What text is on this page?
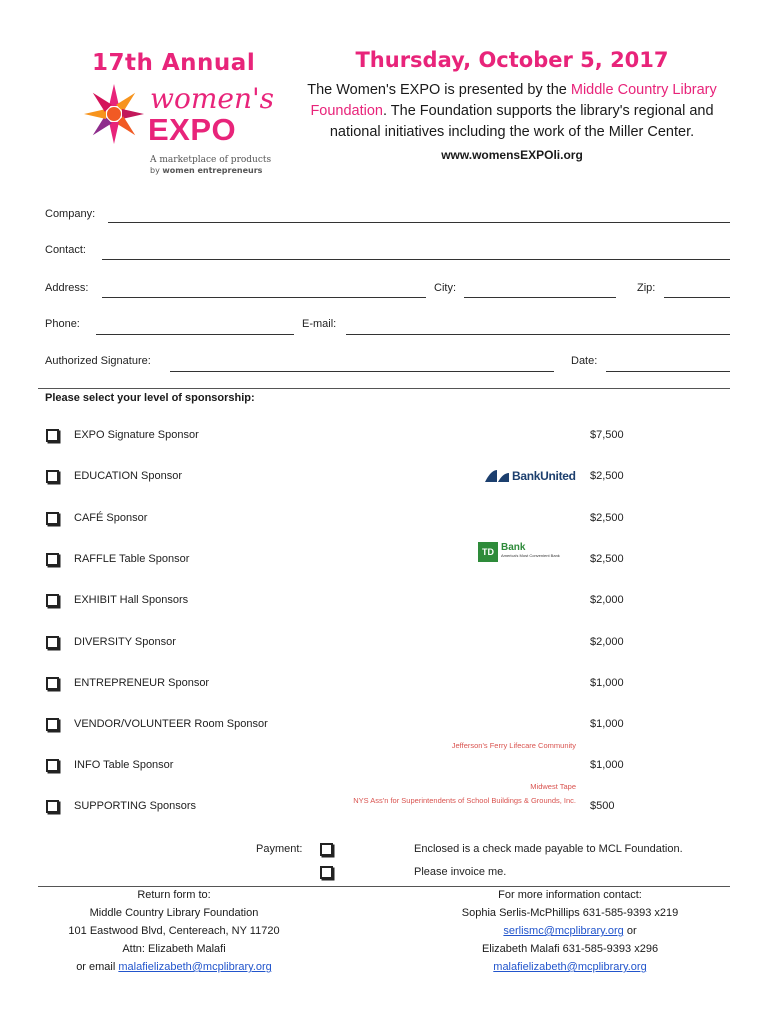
17th Annual
women's
EXPO
A marketplace of products
by women entrepreneurs
Thursday, October 5, 2017
The Women's EXPO is presented by the Middle Country Library Foundation. The Foundation supports the library's regional and national initiatives including the work of the Miller Center.
www.womensEXPOli.org
Company:
Contact:
Address:	City:	Zip:
Phone:	E-mail:
Authorized Signature:	Date:
Please select your level of sponsorship:
EXPO Signature Sponsor	$7,500
EDUCATION Sponsor	$2,500
CAFÉ Sponsor	$2,500
RAFFLE Table Sponsor	$2,500
EXHIBIT Hall Sponsors	$2,000
DIVERSITY Sponsor	$2,000
ENTREPRENEUR Sponsor	$1,000
VENDOR/VOLUNTEER Room Sponsor	$1,000
INFO Table Sponsor	$1,000
SUPPORTING Sponsors	$500
BankUnited
TD Bank
America's Most Convenient Bank
Jefferson's Ferry Lifecare Community
Midwest Tape
NYS Ass'n for Superintendents of School Buildings & Grounds, Inc.
Payment:	Enclosed is a check made payable to MCL Foundation.
Please invoice me.
Return form to:
Middle Country Library Foundation
101 Eastwood Blvd, Centereach, NY 11720
Attn: Elizabeth Malafi
or email malafielizabeth@mcplibrary.org
For more information contact:
Sophia Serlis-McPhillips 631-585-9393 x219
serlismc@mcplibrary.org or
Elizabeth Malafi 631-585-9393 x296
malafielizabeth@mcplibrary.org
